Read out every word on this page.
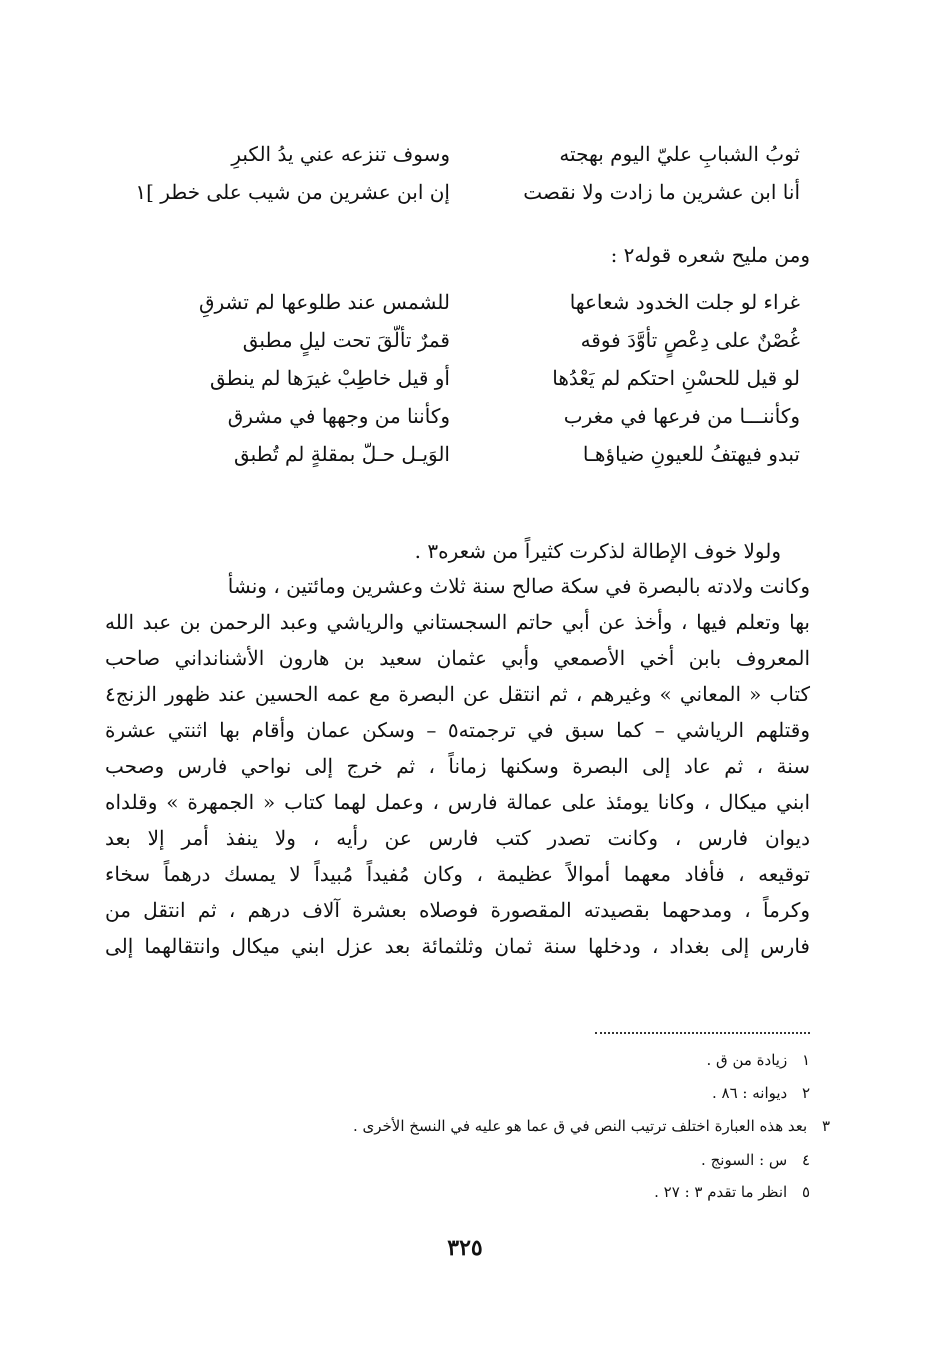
ثوبُ الشبابِ عليّ اليوم بهجته
وسوف تنزعه عني يدُ الكبرِ
أنا ابن عشرين ما زادت ولا نقصت
إن ابن عشرين من شيب على خطر ]١
ومن مليح شعره قوله٢ :
غراء لو جلت الخدود شعاعها
للشمس عند طلوعها لم تشرقِ
غُصْنٌ على دِعْصٍ تأوَّدَ فوقه
قمرٌ تألّقَ تحت ليلٍ مطبق
لو قيل للحسْنِ احتكم لم يَعْدُها
أو قيل خاطِبْ غيرَها لم ينطق
وكأننـــا من فرعها في مغرب
وكأننا من وجهها في مشرق
تبدو فيهتفُ للعيونِ ضياؤهـا
الوَيـل حـلّ بمقلةٍ لم تُطبق
ولولا خوف الإطالة لذكرت كثيراً من شعره٣ .
وكانت ولادته بالبصرة في سكة صالح سنة ثلاث وعشرين ومائتين ، ونشأ
بها وتعلم فيها ، وأخذ عن أبي حاتم السجستاني والرياشي وعبد الرحمن بن عبد الله
المعروف بابن أخي الأصمعي وأبي عثمان سعيد بن هارون الأشنانداني صاحب
كتاب « المعاني » وغيرهم ، ثم انتقل عن البصرة مع عمه الحسين عند ظهور الزنج٤
وقتلهم الرياشي – كما سبق في ترجمته٥ – وسكن عمان وأقام بها اثنتي عشرة
سنة ، ثم عاد إلى البصرة وسكنها زماناً ، ثم خرج إلى نواحي فارس وصحب
ابني ميكال ، وكانا يومئذ على عمالة فارس ، وعمل لهما كتاب « الجمهرة » وقلداه
ديوان فارس ، وكانت تصدر كتب فارس عن رأيه ، ولا ينفذ أمر إلا بعد
توقيعه ، فأفاد معهما أموالاً عظيمة ، وكان مُفيداً مُبيداً لا يمسك درهماً سخاء
وكرماً ، ومدحهما بقصيدته المقصورة فوصلاه بعشرة آلاف درهم ، ثم انتقل من
فارس إلى بغداد ، ودخلها سنة ثمان وثلثمائة بعد عزل ابني ميكال وانتقالهما إلى
١ زيادة من ق .
٢ ديوانه : ٨٦ .
٣ بعد هذه العبارة اختلف ترتيب النص في ق عما هو عليه في النسخ الأخرى .
٤ س : السونج .
٥ انظر ما تقدم ٣ : ٢٧ .
٣٢٥
